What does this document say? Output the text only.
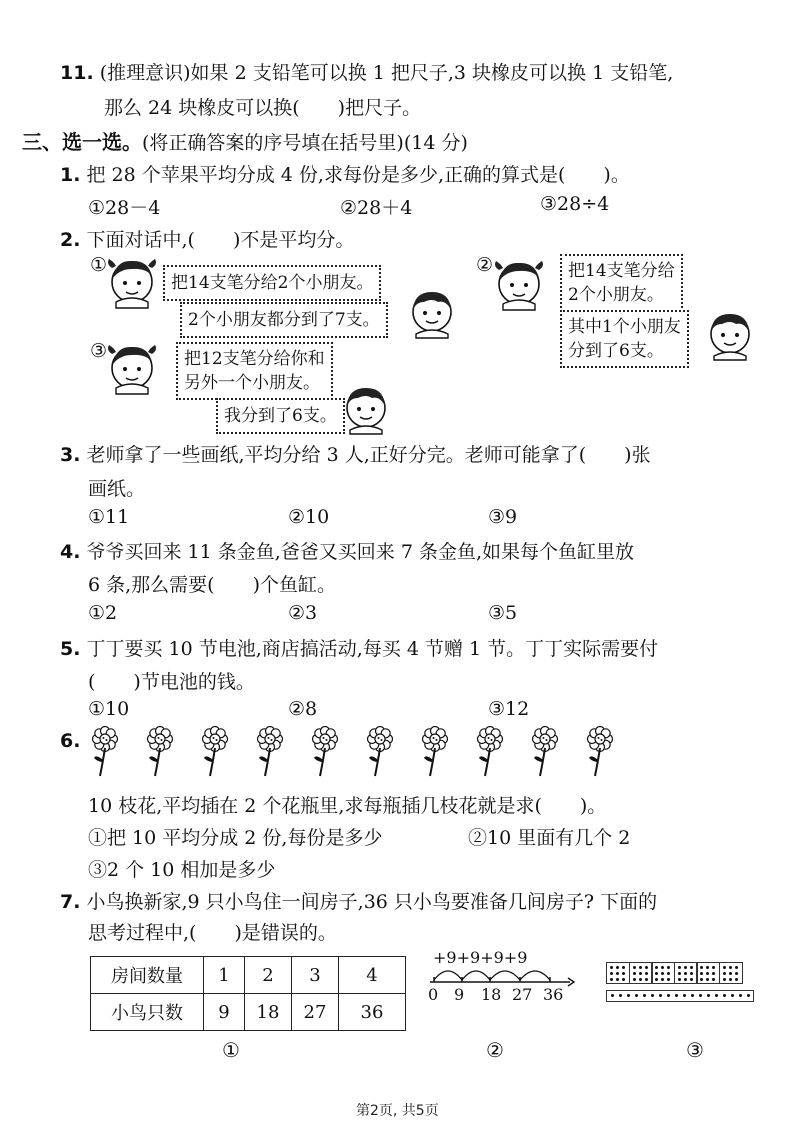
11. (推理意识)如果 2 支铅笔可以换 1 把尺子,3 块橡皮可以换 1 支铅笔,
那么 24 块橡皮可以换(　　)把尺子。
三、选一选。(将正确答案的序号填在括号里)(14 分)
1. 把 28 个苹果平均分成 4 份,求每份是多少,正确的算式是(　　)。
①28－4	②28＋4	③28÷4
2. 下面对话中,(　　)不是平均分。
①
把14支笔分给2个小朋友。
2个小朋友都分到了7支。
②	把14支笔分给
2个小朋友。
其中1个小朋友
分到了6支。
③	把12支笔分给你和
另外一个小朋友。
我分到了6支。
3. 老师拿了一些画纸,平均分给 3 人,正好分完。老师可能拿了(　　)张
画纸。
①11	②10	③9
4. 爷爷买回来 11 条金鱼,爸爸又买回来 7 条金鱼,如果每个鱼缸里放
6 条,那么需要(　　)个鱼缸。
①2	②3	③5
5. 丁丁要买 10 节电池,商店搞活动,每买 4 节赠 1 节。丁丁实际需要付
(　　)节电池的钱。
①10	②8	③12
6.
10 枝花,平均插在 2 个花瓶里,求每瓶插几枝花就是求(　　)。
①把 10 平均分成 2 份,每份是多少	②10 里面有几个 2
③2 个 10 相加是多少
7. 小鸟换新家,9 只小鸟住一间房子,36 只小鸟要准备几间房子? 下面的
思考过程中,(　　)是错误的。
房间数量	1	2	3	4
小鸟只数	9	18	27	36
+9+9+9+9
0 9 18 27 36
①	②	③
第2页, 共5页
